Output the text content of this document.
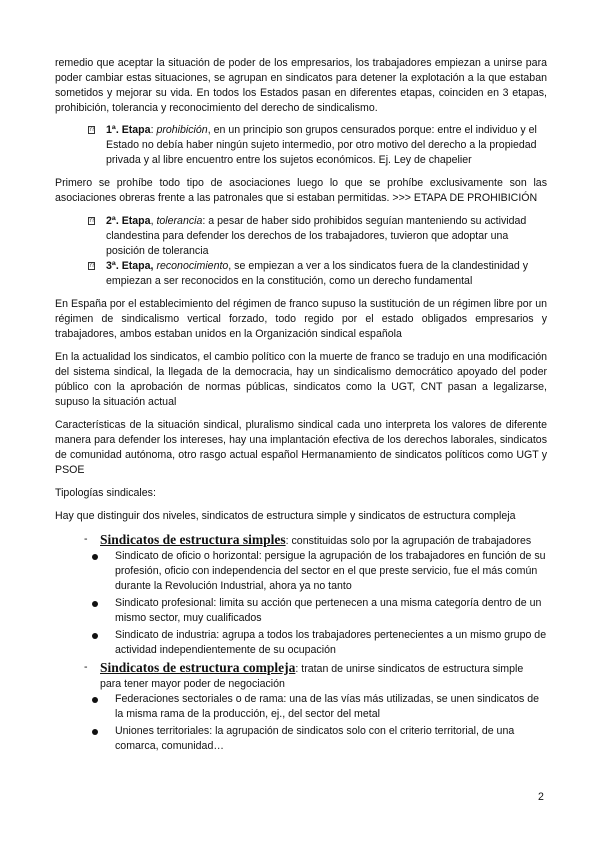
remedio que aceptar la situación de poder de los empresarios, los trabajadores empiezan a unirse para poder cambiar estas situaciones, se agrupan en sindicatos para detener la explotación a la que estaban sometidos y mejorar su vida. En todos los Estados pasan en diferentes etapas, coinciden en 3 etapas, prohibición, tolerancia y reconocimiento del derecho de sindicalismo.

⁇ 1ª. Etapa: prohibición, en un principio son grupos censurados porque: entre el individuo y el Estado no debía haber ningún sujeto intermedio, por otro motivo del derecho a la propiedad privada y al libre encuentro entre los sujetos económicos. Ej. Ley de chapelier

Primero se prohíbe todo tipo de asociaciones luego lo que se prohíbe exclusivamente son las asociaciones obreras frente a las patronales que si estaban permitidas. >>> ETAPA DE PROHIBICIÓN

⁇ 2ª. Etapa, tolerancia: a pesar de haber sido prohibidos seguían manteniendo su actividad clandestina para defender los derechos de los trabajadores, tuvieron que adoptar una posición de tolerancia
⁇ 3ª. Etapa, reconocimiento, se empiezan a ver a los sindicatos fuera de la clandestinidad y empiezan a ser reconocidos en la constitución, como un derecho fundamental

En España por el establecimiento del régimen de franco supuso la sustitución de un régimen libre por un régimen de sindicalismo vertical forzado, todo regido por el estado obligados empresarios y trabajadores, ambos estaban unidos en la Organización sindical española

En la actualidad los sindicatos, el cambio político con la muerte de franco se tradujo en una modificación del sistema sindical, la llegada de la democracia, hay un sindicalismo democrático apoyado del poder público con la aprobación de normas públicas, sindicatos como la UGT, CNT pasan a legalizarse, supuso la situación actual

Características de la situación sindical, pluralismo sindical cada uno interpreta los valores de diferente manera para defender los intereses, hay una implantación efectiva de los derechos laborales, sindicatos de comunidad autónoma, otro rasgo actual español Hermanamiento de sindicatos políticos como UGT y PSOE

Tipologías sindicales:

Hay que distinguir dos niveles, sindicatos de estructura simple y sindicatos de estructura compleja

- Sindicatos de estructura simples: constituidas solo por la agrupación de trabajadores
Sindicato de oficio o horizontal: persigue la agrupación de los trabajadores en función de su profesión, oficio con independencia del sector en el que preste servicio, fue el más común durante la Revolución Industrial, ahora ya no tanto
Sindicato profesional: limita su acción que pertenecen a una misma categoría dentro de un mismo sector, muy cualificados
Sindicato de industria: agrupa a todos los trabajadores pertenecientes a un mismo grupo de actividad independientemente de su ocupación
- Sindicatos de estructura compleja: tratan de unirse sindicatos de estructura simple para tener mayor poder de negociación
Federaciones sectoriales o de rama: una de las vías más utilizadas, se unen sindicatos de la misma rama de la producción, ej., del sector del metal
Uniones territoriales: la agrupación de sindicatos solo con el criterio territorial, de una comarca, comunidad…
2
